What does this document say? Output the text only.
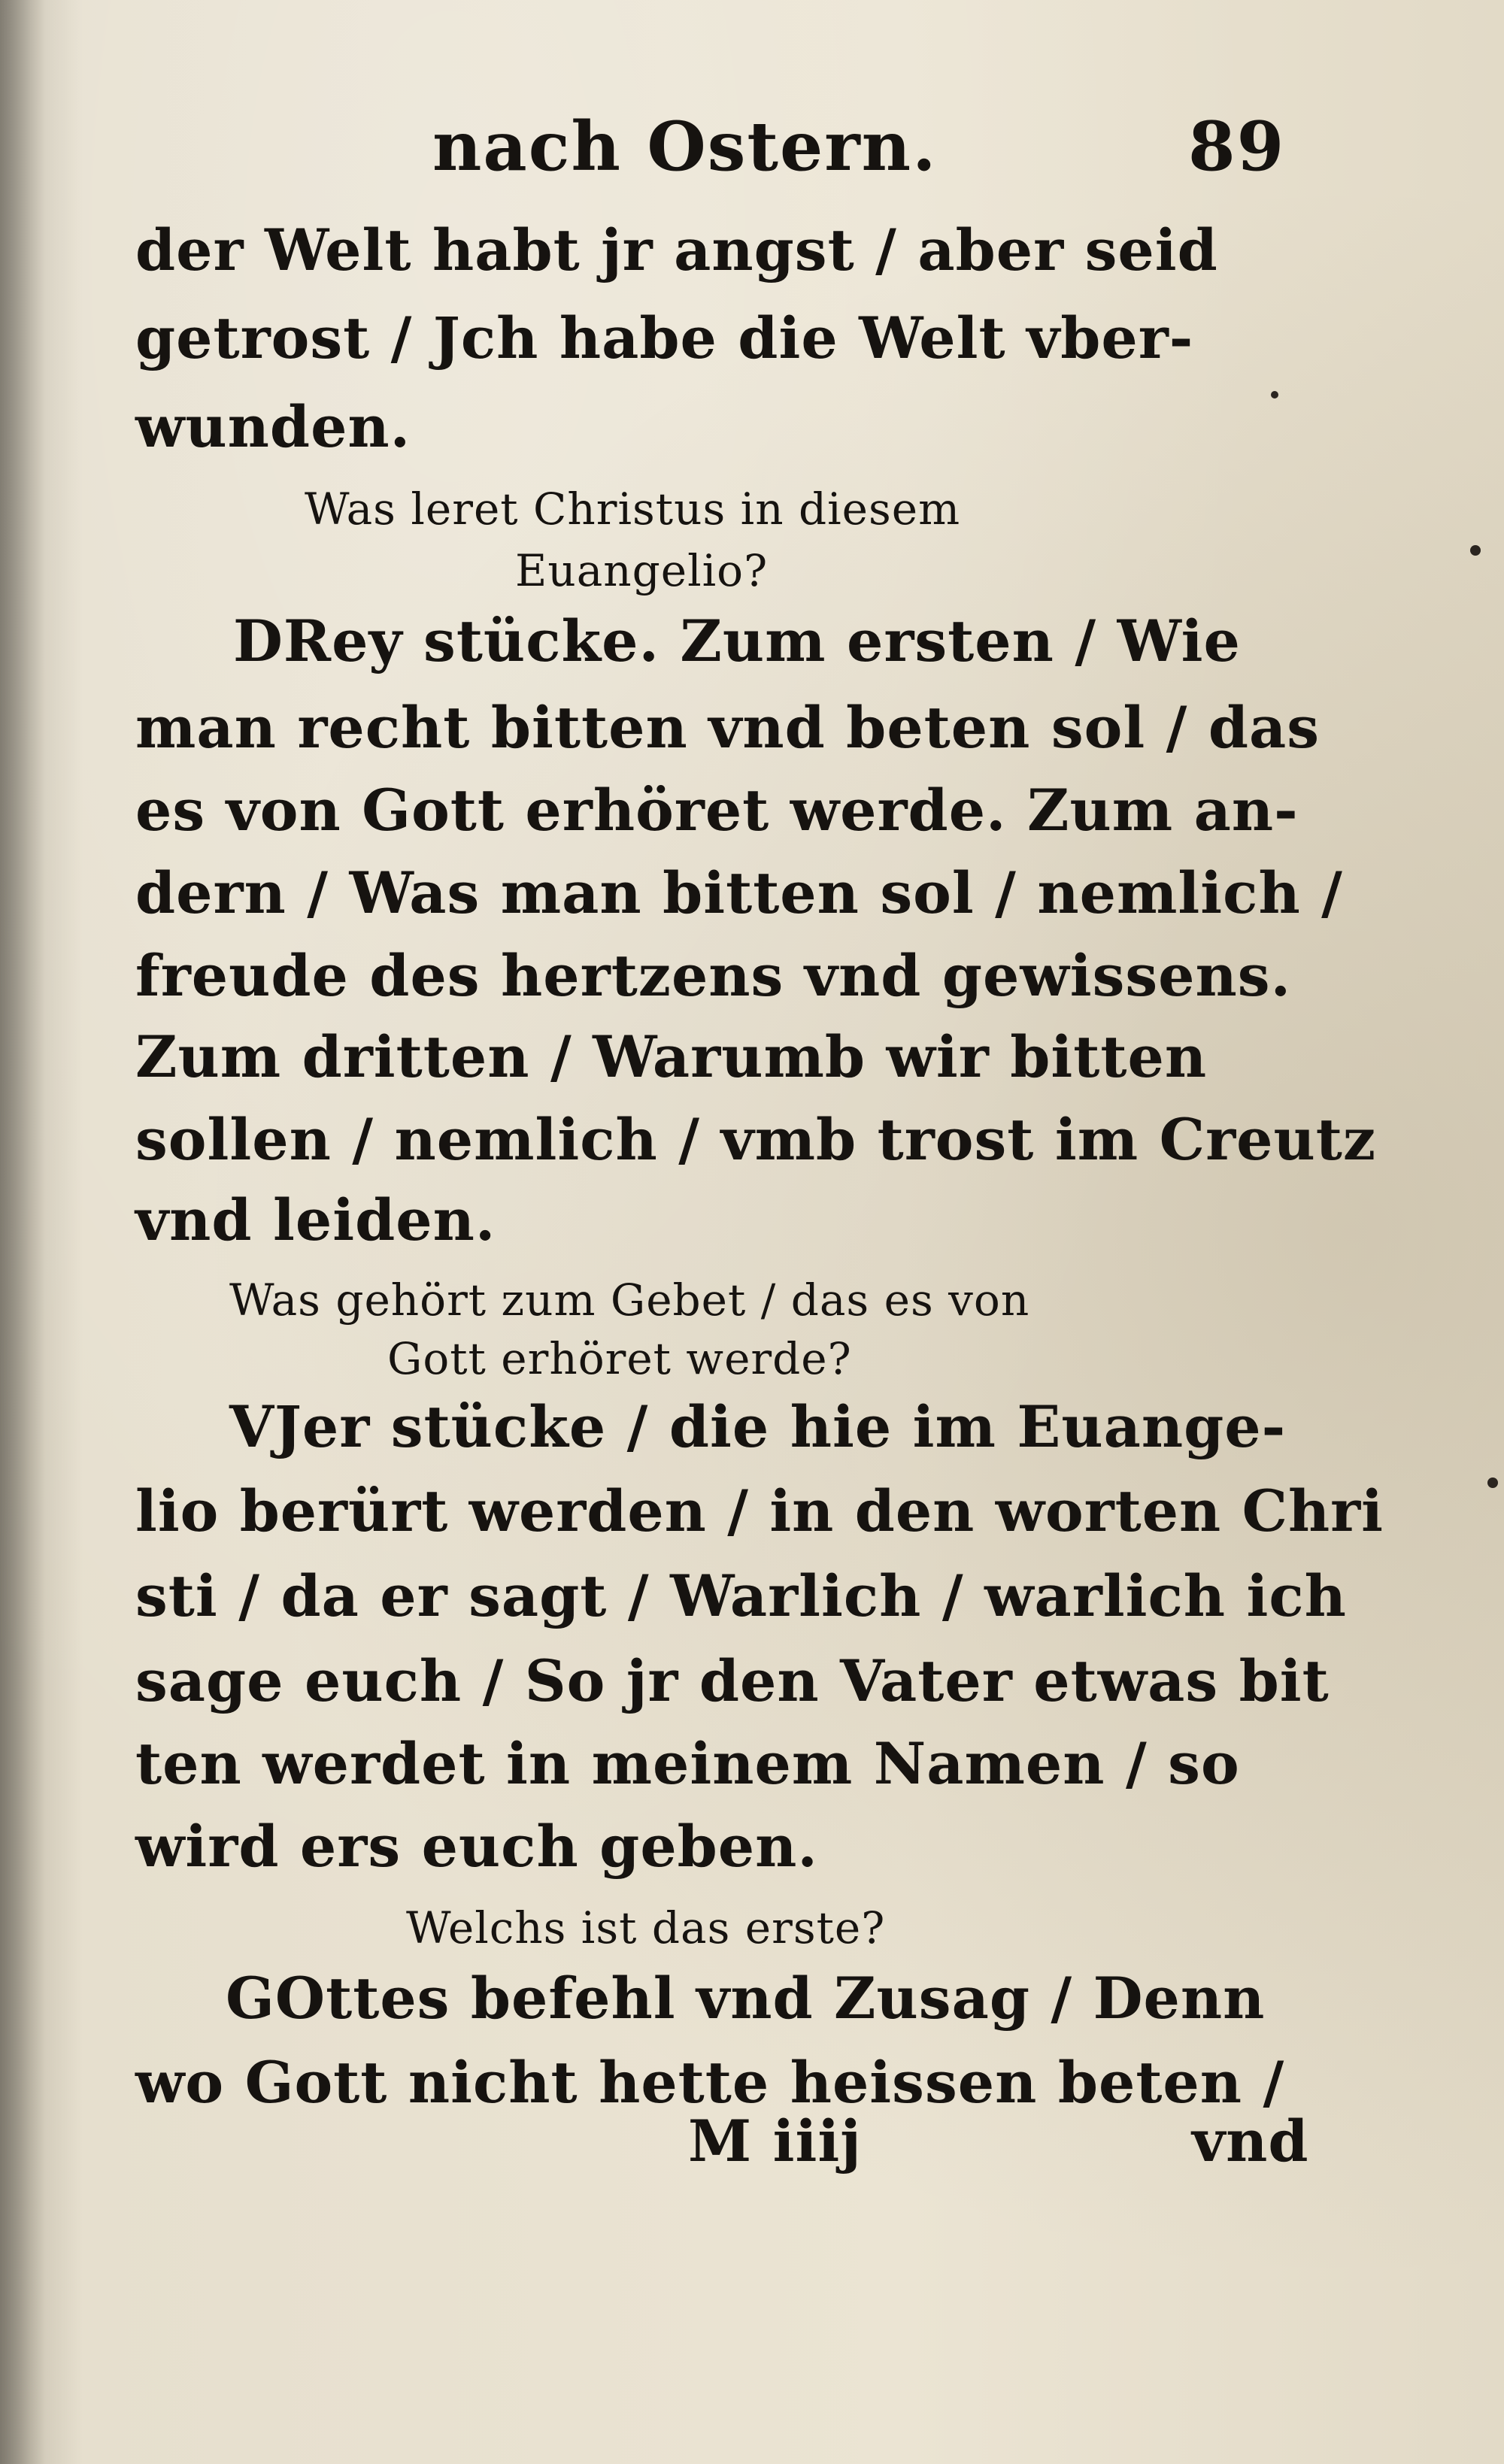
nach Ostern.	89
der Welt habt jr angst / aber seid
getrost / Jch habe die Welt vber-
wunden.
Was leret Christus in diesem
Euangelio?
DRey stücke. Zum ersten / Wie
man recht bitten vnd beten sol / das
es von Gott erhöret werde. Zum an-
dern / Was man bitten sol / nemlich /
freude des hertzens vnd gewissens.
Zum dritten / Warumb wir bitten
sollen / nemlich / vmb trost im Creutz
vnd leiden.
Was gehört zum Gebet / das es von
Gott erhöret werde?
VJer stücke / die hie im Euange-
lio berürt werden / in den worten Chri
sti / da er sagt / Warlich / warlich ich
sage euch / So jr den Vater etwas bit
ten werdet in meinem Namen / so
wird ers euch geben.
Welchs ist das erste?
GOttes befehl vnd Zusag / Denn
wo Gott nicht hette heissen beten /
M iiij	vnd
